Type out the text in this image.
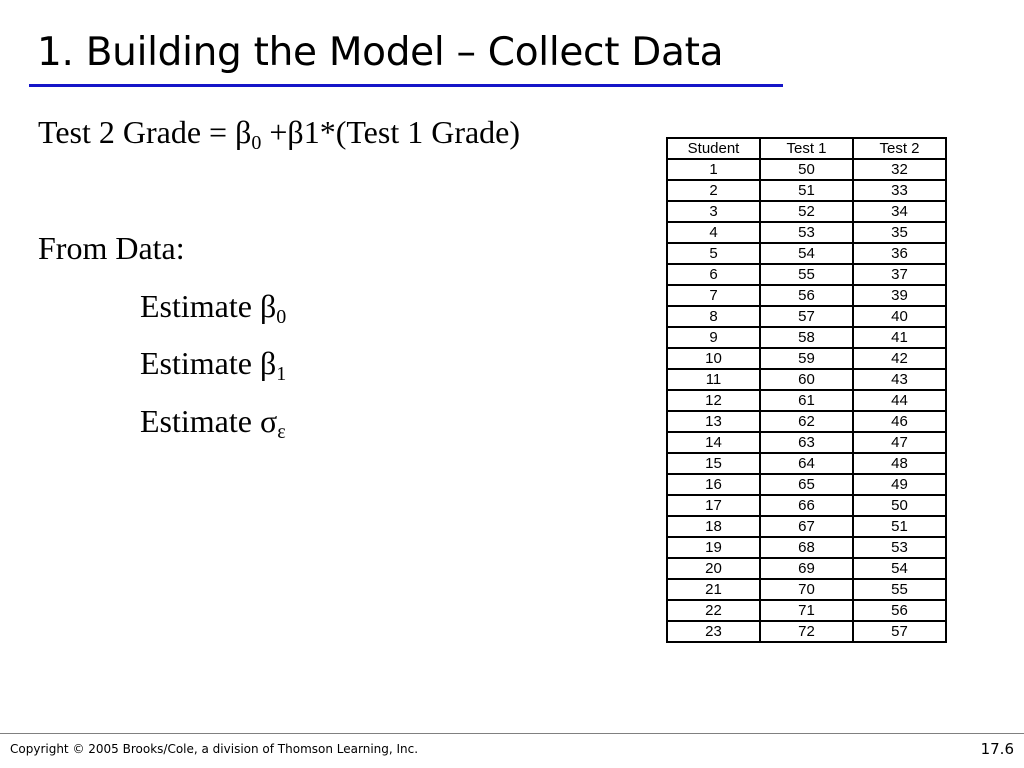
1. Building the Model – Collect Data
Test 2 Grade = $\beta_0$ +β1*(Test 1 Grade)
From Data:
Estimate $\beta_0$
Estimate $\beta_1$
Estimate $\sigma_\varepsilon$
Student	Test 1	Test 2
1	50	32
2	51	33
3	52	34
4	53	35
5	54	36
6	55	37
7	56	39
8	57	40
9	58	41
10	59	42
11	60	43
12	61	44
13	62	46
14	63	47
15	64	48
16	65	49
17	66	50
18	67	51
19	68	53
20	69	54
21	70	55
22	71	56
23	72	57
Copyright © 2005 Brooks/Cole, a division of Thomson Learning, Inc.	17.6
